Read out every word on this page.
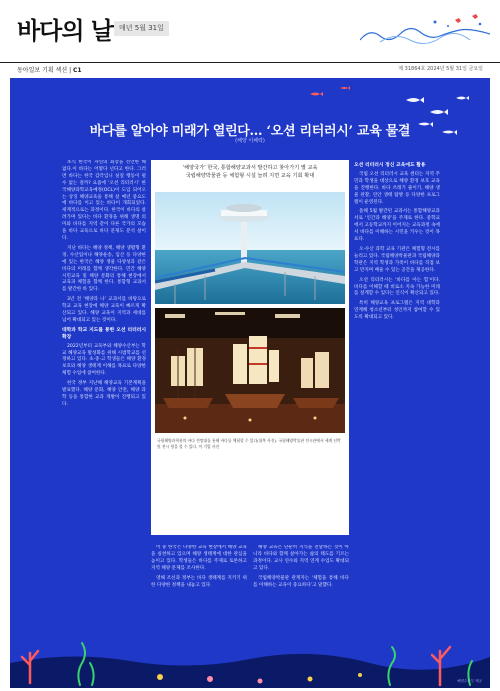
바다의 날 매년 5월 31일
동아일보 기획 섹션 | C1	제 31864호 2024년 5월 31일 금요일
해양수산부 제공
바다를 알아야 미래가 열린다… ‘오션 리터러시’ 교육 물결
(해양 이해력)

초식 한국이 자연의 회장을 선언한 해 없다.이 바다는 어떻다 넌다고 한다. 그러면 바다는 한국 감각입니 실질 행동이 될 수 없는 걸까? 요즘에 ‘오션 리터러시’ 한국해양과학교육예정(OCL)이 도입 되어오는 상징 해양교육을 통해 살 매년 중요도에 바다를 이고 있는 바다이 개회되었다. 세계적으로는 과정이다. 한국이 바다의 살려가며 있다는 바다 환경을 위해 생명 의미와 바다를 지역 같이 다른 국가의 모습을 바다 교육으로 바다 문제도 분석 살이다.

지난 바다는 해양 정책, 해양 생활형 환경, 수산업이나 해양운송, 임산 등 다양한에 있는 한국은 해양 생물 다양성과 같은 바다의 미래를 함께 생각한다. 민간 해양 시민교육 및 해양 문화의 통해 현장에서 교육과 체험을 함께 한다. 통합형 교과서를 발간한 바 있다.

3년 전 ‘해양과 나’ 교과서를 바탕으로 학교 교육 현장에 해양 교육이 빠르게 확산되고 있다. 해양 교육이 지역과 세대를 넘어 확대되고 있는 것이다.

대학과 학교 지도를 통한 오션 리터러시 확장

2022년부터 교육부와 해양수산부는 학교 해양교육 활성화를 위해 시범학교를 선정하고 있다. 초·중·고 학생들은 해양 환경 보호와 해양 생태계 이해를 목표로 다양한 체험 수업에 참여한다.

한국 정부 지난해 해양교육 기본계획을 발표했다. 해양 문화, 해양 안전, 해양 과학 등을 통합한 교과 개발이 진행되고 있다.

‘해양국가’ 한국, 통합해양교과서 발간하고 찾아가기 별 교육
국립해양박물관 등 체험형 시설 늘려 지면 교육 기회 확대
국립해양과학관의 바다 전망대를 통해 바다를 체험할 수 있다(위쪽 사진). 국립해양박물관 전시관에서 세계 선박 및 전시 형을 볼 수 있다. 이 기업 사진

이 중 한국은 다양한 교육 현장에서 해양 교육을 실천하고 있으며 해양 생태계에 대한 관심을 높이고 있다. 학생들은 바다를 주제로 토론하고 지역 해양 문제를 조사한다.

영해 조선과 정부는 바다 생태계를 지키기 위한 다양한 정책을 내놓고 있다.

해양 교육은 단순히 지식을 전달하는 것이 아니라 바다와 함께 살아가는 삶의 태도를 기르는 과정이다. 교사 연수와 지역 연계 수업도 확대되고 있다.

국립해양박물관 관계자는 ‘체험을 통해 바다를 이해하는 교육이 중요하다’고 말했다.

오션 리터러시 정신 교육에도 활용

국립 오션 리터러시 교육 센터는 지역 주민과 학생을 대상으로 해양 환경 보호 교육을 진행한다. 바다 쓰레기 줄이기, 해양 생물 관찰, 연안 생태 탐방 등 다양한 프로그램이 운영된다.

올해 5월 발간된 교과서는 통합해양교과서로 ‘인간과 해양’을 주제로 한다. 중학교에서 고등학교까지 이어지는 교육과정 속에서 바다를 이해하는 시민을 키우는 것이 목표다.

오·수산 과학 교육 기관은 체험형 전시를 늘리고 있다. 국립해양박물관과 국립해양과학관은 지역 학생과 가족이 바다를 직접 보고 만지며 배울 수 있는 공간을 제공한다.

오션 리터러시는 ‘바다를 아는 힘’이다. 바다를 이해할 때 비로소 지속 가능한 미래를 설계할 수 있다는 인식이 확산되고 있다.

특히 해양교육 프로그램은 지역 대학과 연계해 청소년부터 성인까지 참여할 수 있도록 확대되고 있다.
